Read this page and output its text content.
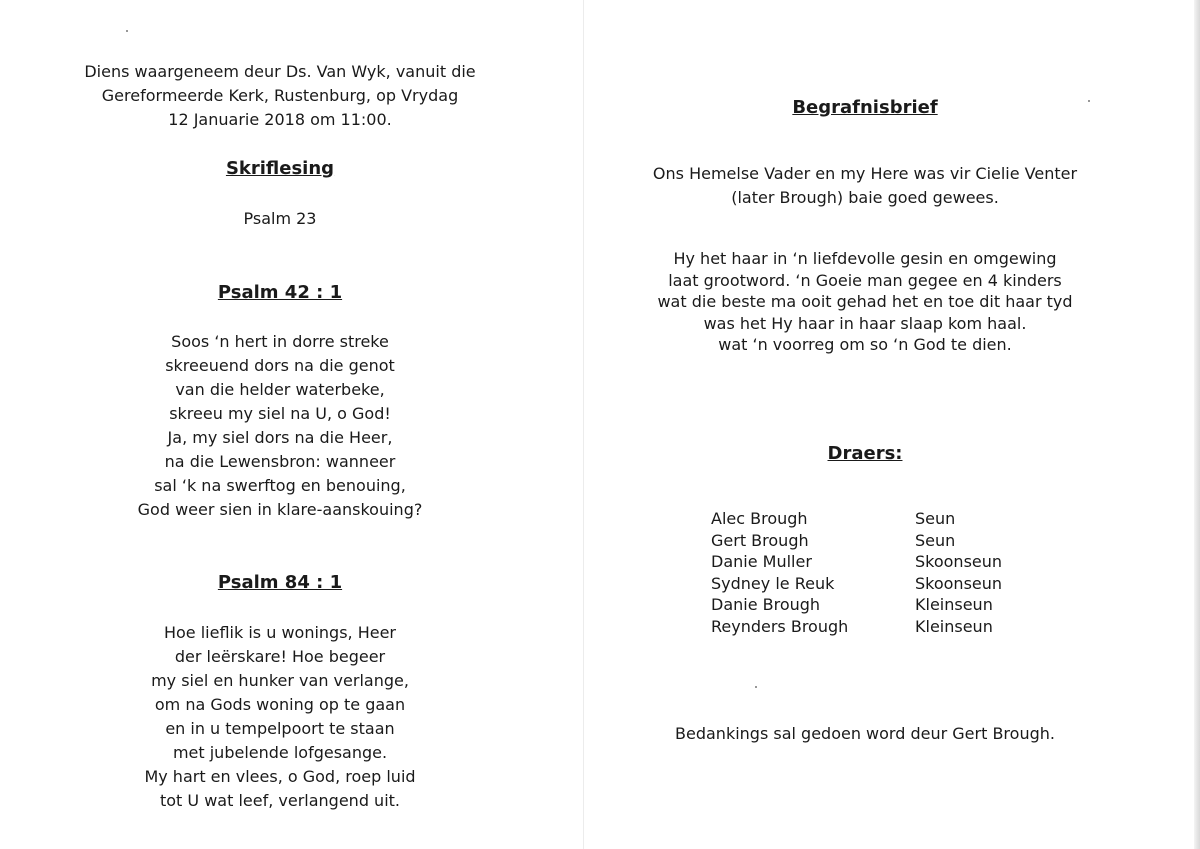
Diens waargeneem deur Ds. Van Wyk, vanuit die
Gereformeerde Kerk, Rustenburg, op Vrydag
12 Januarie 2018 om 11:00.
Skriflesing
Psalm 23
Psalm 42 : 1
Soos ‘n hert in dorre streke
skreeuend dors na die genot
van die helder waterbeke,
skreeu my siel na U, o God!
Ja, my siel dors na die Heer,
na die Lewensbron: wanneer
sal ‘k na swerftog en benouing,
God weer sien in klare-aanskouing?
Psalm 84 : 1
Hoe lieflik is u wonings, Heer
der leërskare! Hoe begeer
my siel en hunker van verlange,
om na Gods woning op te gaan
en in u tempelpoort te staan
met jubelende lofgesange.
My hart en vlees, o God, roep luid
tot U wat leef, verlangend uit.
Begrafnisbrief
Ons Hemelse Vader en my Here was vir Cielie Venter
(later Brough) baie goed gewees.
Hy het haar in ‘n liefdevolle gesin en omgewing
laat grootword. ‘n Goeie man gegee en 4 kinders
wat die beste ma ooit gehad het en toe dit haar tyd
was het Hy haar in haar slaap kom haal.
wat ‘n voorreg om so ‘n God te dien.
Draers:
Bedankings sal gedoen word deur Gert Brough.
Alec Brough	Seun
Gert Brough	Seun
Danie Muller	Skoonseun
Sydney le Reuk	Skoonseun
Danie Brough	Kleinseun
Reynders Brough	Kleinseun
